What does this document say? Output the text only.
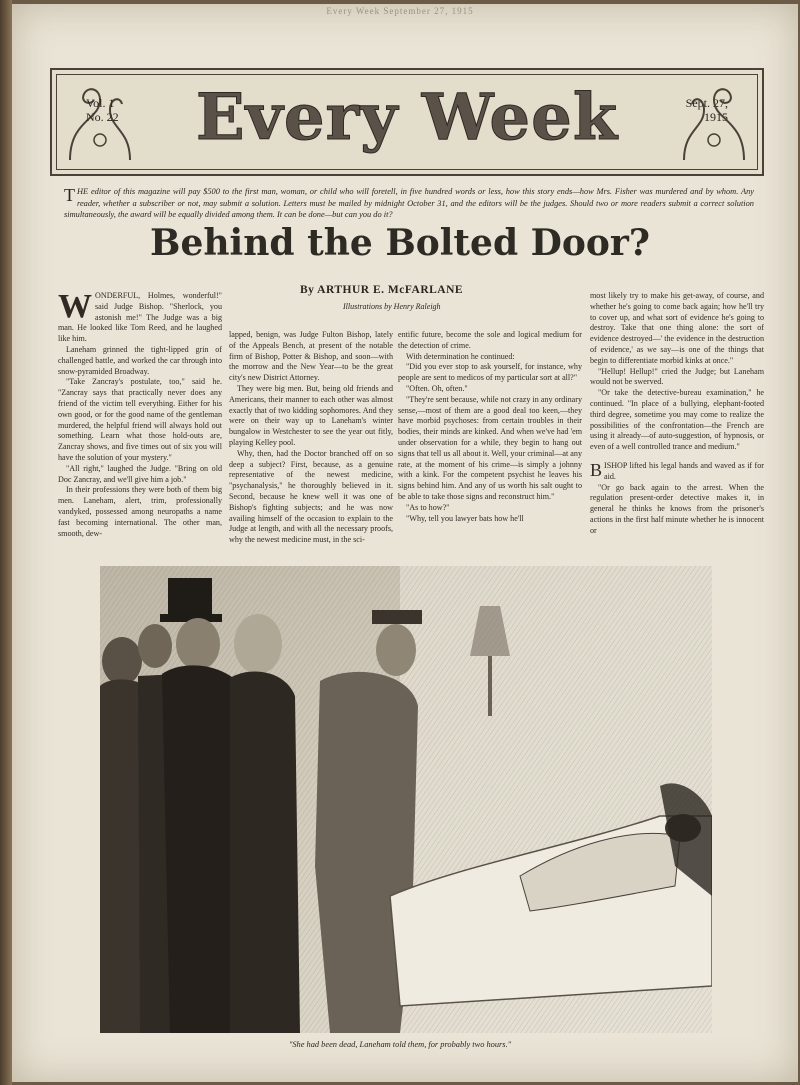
Every Week September 27, 1915
Vol. 1
No. 22	Every Week	Sept. 27,
1915
THE editor of this magazine will pay $500 to the first man, woman, or child who will foretell, in five hundred words or less, how this story ends—how Mrs. Fisher was murdered and by whom. Any reader, whether a subscriber or not, may submit a solution. Letters must be mailed by midnight October 31, and the editors will be the judges. Should two or more readers submit a correct solution simultaneously, the award will be equally divided among them. It can be done—but can you do it?
Behind the Bolted Door?
By ARTHUR E. McFARLANE
Illustrations by Henry Raleigh

WONDERFUL, Holmes, wonderful!" said Judge Bishop. "Sherlock, you astonish me!" The Judge was a big man. He looked like Tom Reed, and he laughed like him.

Laneham grinned the tight-lipped grin of challenged battle, and worked the car through into snow-pyramided Broadway.

"Take Zancray's postulate, too," said he. "Zancray says that practically never does any friend of the victim tell everything. Either for his own good, or for the good name of the gentleman murdered, the helpful friend will always hold out something. Learn what those hold-outs are, Zancray shows, and five times out of six you will have the solution of your mystery."

"All right," laughed the Judge. "Bring on old Doc Zancray, and we'll give him a job."

In their professions they were both of them big men. Laneham, alert, trim, professionally vandyked, possessed among neuropaths a name fast becoming international. The other man, smooth, dew-

lapped, benign, was Judge Fulton Bishop, lately of the Appeals Bench, at present of the notable firm of Bishop, Potter & Bishop, and soon—with the morrow and the New Year—to be the great city's new District Attorney.

They were big men. But, being old friends and Americans, their manner to each other was almost exactly that of two kidding sophomores. And they were on their way up to Laneham's winter bungalow in Westchester to see the year out fitly, playing Kelley pool.

Why, then, had the Doctor branched off on so deep a subject? First, because, as a genuine representative of the newest medicine, "psychanalysis," he thoroughly believed in it. Second, because he knew well it was one of Bishop's fighting subjects; and he was now availing himself of the occasion to explain to the Judge at length, and with all the necessary proofs, why the newest medicine must, in the sci-

entific future, become the sole and logical medium for the detection of crime.

With determination he continued:

"Did you ever stop to ask yourself, for instance, why people are sent to medicos of my particular sort at all?"

"Often. Oh, often."

"They're sent because, while not crazy in any ordinary sense,—most of them are a good deal too keen,—they have morbid psychoses: from certain troubles in their bodies, their minds are kinked. And when we've had 'em under observation for a while, they begin to hang out signs that tell us all about it. Well, your criminal—at any rate, at the moment of his crime—is simply a johnny with a kink. For the competent psychist he leaves his signs behind him. And any of us worth his salt ought to be able to take those signs and reconstruct him."

"As to how?"

"Why, tell you lawyer bats how he'll

most likely try to make his get-away, of course, and whether he's going to come back again; how he'll try to cover up, and what sort of evidence he's going to destroy. Take that one thing alone: the sort of evidence destroyed—' the evidence in the destruction of evidence,' as we say—is one of the things that begin to differentiate morbid kinks at once."

"Hellup! Hellup!" cried the Judge; but Laneham would not be swerved.

"Or take the detective-bureau examination," he continued. "In place of a bullying, elephant-footed third degree, sometime you may come to realize the possibilities of the confrontation—the French are using it already—of auto-suggestion, of hypnosis, or even of a well controlled trance and medium."

BISHOP lifted his legal hands and waved as if for aid.

"Or go back again to the arrest. When the regulation present-order detective makes it, in general he thinks he knows from the prisoner's actions in the first half minute whether he is innocent or

"She had been dead, Laneham told them, for probably two hours."
